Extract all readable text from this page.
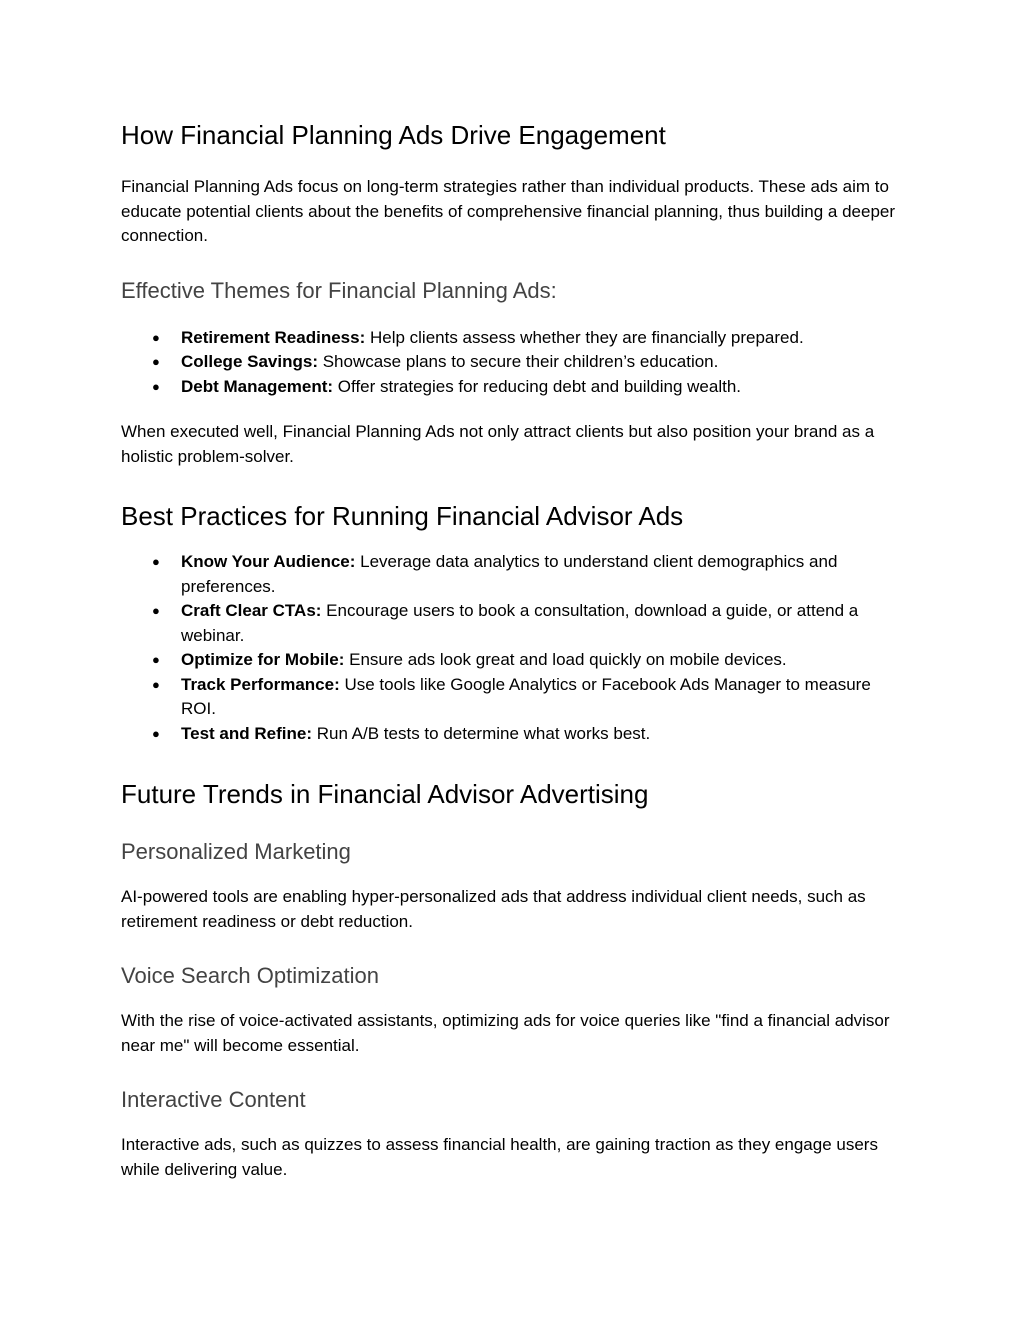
How Financial Planning Ads Drive Engagement

Financial Planning Ads focus on long-term strategies rather than individual products. These ads aim to educate potential clients about the benefits of comprehensive financial planning, thus building a deeper connection.

Effective Themes for Financial Planning Ads:
● Retirement Readiness: Help clients assess whether they are financially prepared.
● College Savings: Showcase plans to secure their children’s education.
● Debt Management: Offer strategies for reducing debt and building wealth.

When executed well, Financial Planning Ads not only attract clients but also position your brand as a holistic problem-solver.

Best Practices for Running Financial Advisor Ads
● Know Your Audience: Leverage data analytics to understand client demographics and preferences.
● Craft Clear CTAs: Encourage users to book a consultation, download a guide, or attend a webinar.
● Optimize for Mobile: Ensure ads look great and load quickly on mobile devices.
● Track Performance: Use tools like Google Analytics or Facebook Ads Manager to measure ROI.
● Test and Refine: Run A/B tests to determine what works best.
Future Trends in Financial Advisor Advertising
Personalized Marketing

AI-powered tools are enabling hyper-personalized ads that address individual client needs, such as retirement readiness or debt reduction.

Voice Search Optimization

With the rise of voice-activated assistants, optimizing ads for voice queries like "find a financial advisor near me" will become essential.

Interactive Content

Interactive ads, such as quizzes to assess financial health, are gaining traction as they engage users while delivering value.
